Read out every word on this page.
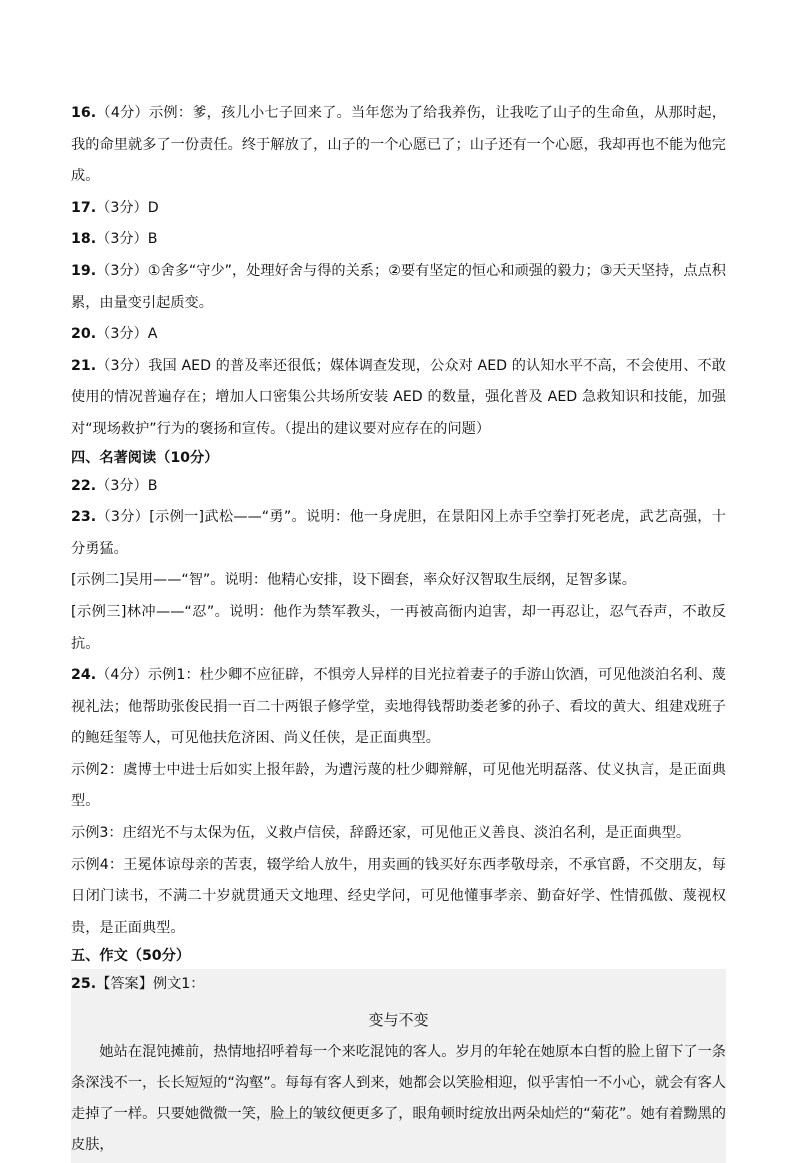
16.（4分）示例：爹，孩儿小七子回来了。当年您为了给我养伤，让我吃了山子的生命鱼，从那时起，我的命里就多了一份责任。终于解放了，山子的一个心愿已了；山子还有一个心愿，我却再也不能为他完成。

17.（3分）D

18.（3分）B

19.（3分）①舍多“守少”，处理好舍与得的关系；②要有坚定的恒心和顽强的毅力；③天天坚持，点点积累，由量变引起质变。

20.（3分）A

21.（3分）我国 AED 的普及率还很低；媒体调查发现，公众对 AED 的认知水平不高，不会使用、不敢使用的情况普遍存在；增加人口密集公共场所安装 AED 的数量，强化普及 AED 急救知识和技能，加强对“现场救护”行为的褒扬和宣传。（提出的建议要对应存在的问题）

四、名著阅读（10分）

22.（3分）B

23.（3分）[示例一]武松——“勇”。说明：他一身虎胆，在景阳冈上赤手空拳打死老虎，武艺高强，十分勇猛。

[示例二]吴用——“智”。说明：他精心安排，设下圈套，率众好汉智取生辰纲，足智多谋。

[示例三]林冲——“忍”。说明：他作为禁军教头，一再被高衙内迫害，却一再忍让，忍气吞声，不敢反抗。

24.（4分）示例1：杜少卿不应征辟，不惧旁人异样的目光拉着妻子的手游山饮酒，可见他淡泊名利、蔑视礼法；他帮助张俊民捐一百二十两银子修学堂，卖地得钱帮助娄老爹的孙子、看坟的黄大、组建戏班子的鲍廷玺等人，可见他扶危济困、尚义任侠，是正面典型。

示例2：虞博士中进士后如实上报年龄，为遭污蔑的杜少卿辩解，可见他光明磊落、仗义执言，是正面典型。

示例3：庄绍光不与太保为伍，义救卢信侯，辞爵还家，可见他正义善良、淡泊名利，是正面典型。

示例4：王冕体谅母亲的苦衷，辍学给人放牛，用卖画的钱买好东西孝敬母亲，不承官爵，不交朋友，每日闭门读书，不满二十岁就贯通天文地理、经史学问，可见他懂事孝亲、勤奋好学、性情孤傲、蔑视权贵，是正面典型。

五、作文（50分）

25.【答案】例文1：

变与不变

她站在混饨摊前，热情地招呼着每一个来吃混饨的客人。岁月的年轮在她原本白皙的脸上留下了一条条深浅不一，长长短短的“沟壑”。每每有客人到来，她都会以笑脸相迎，似乎害怕一不小心，就会有客人走掉了一样。只要她微微一笑，脸上的皱纹便更多了，眼角顿时绽放出两朵灿烂的“菊花”。她有着黝黑的皮肤，
